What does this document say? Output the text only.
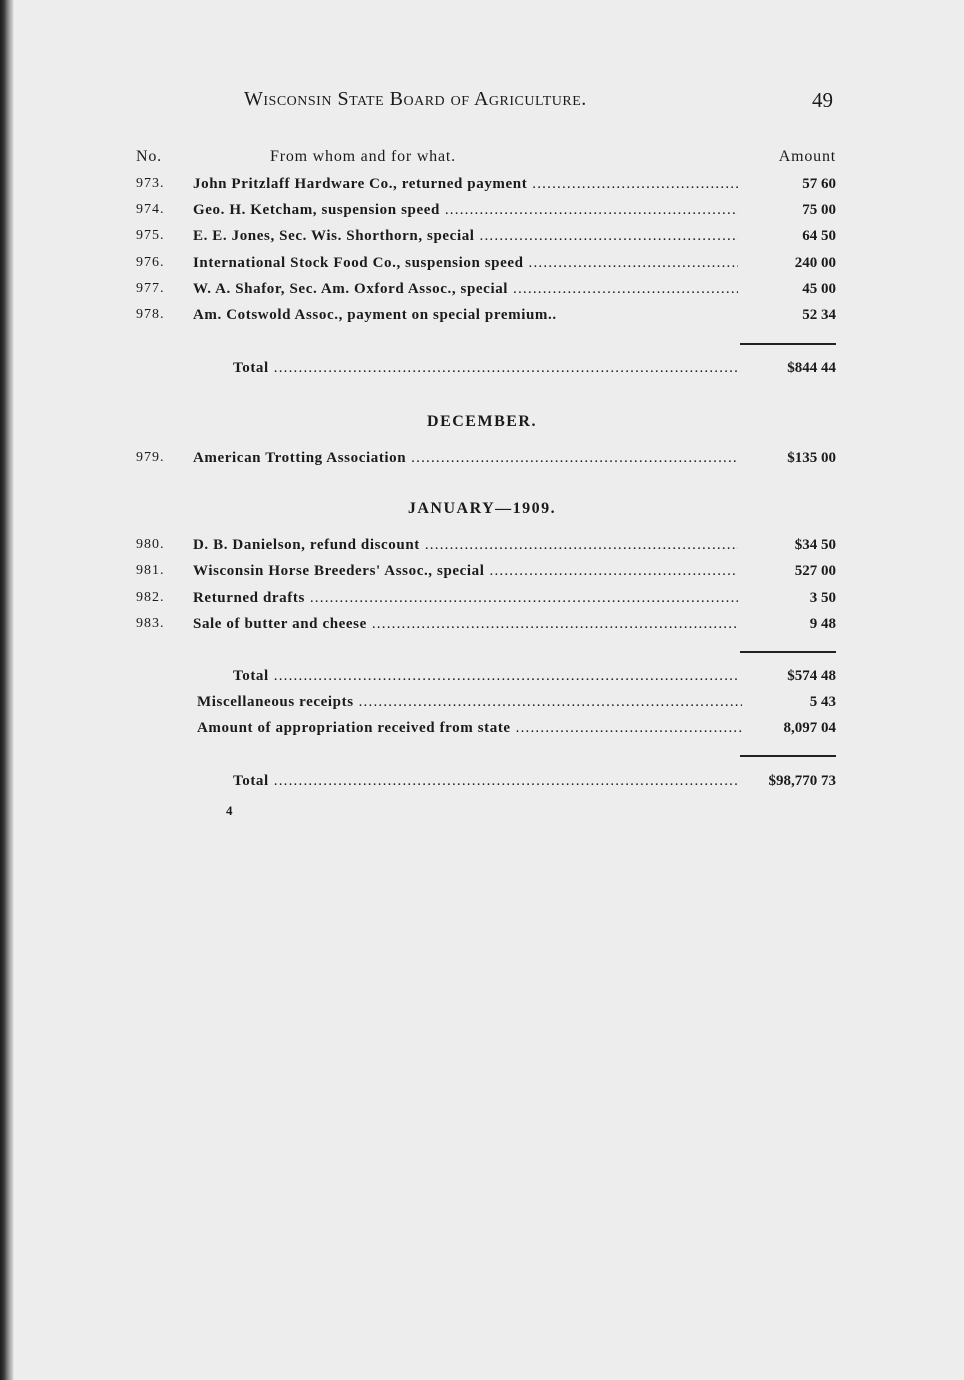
Wisconsin State Board of Agriculture.	49
No.	From whom and for what.	Amount
973. John Pritzlaff Hardware Co., returned payment .....	57 60
974. Geo. H. Ketcham, suspension speed .....	75 00
975. E. E. Jones, Sec. Wis. Shorthorn, special .....	64 50
976. International Stock Food Co., suspension speed .....	240 00
977. W. A. Shafor, Sec. Am. Oxford Assoc., special .....	45 00
978. Am. Cotswold Assoc., payment on special premium..	52 34
Total .....	$844 44
DECEMBER.
979. American Trotting Association .....	$135 00
JANUARY—1909.
980. D. B. Danielson, refund discount .....	$34 50
981. Wisconsin Horse Breeders' Assoc., special .....	527 00
982. Returned drafts .....	3 50
983. Sale of butter and cheese .....	9 48
Total .....	$574 48
Miscellaneous receipts .....	5 43
Amount of appropriation received from state .....	8,097 04
Total .....	$98,770 73
4
